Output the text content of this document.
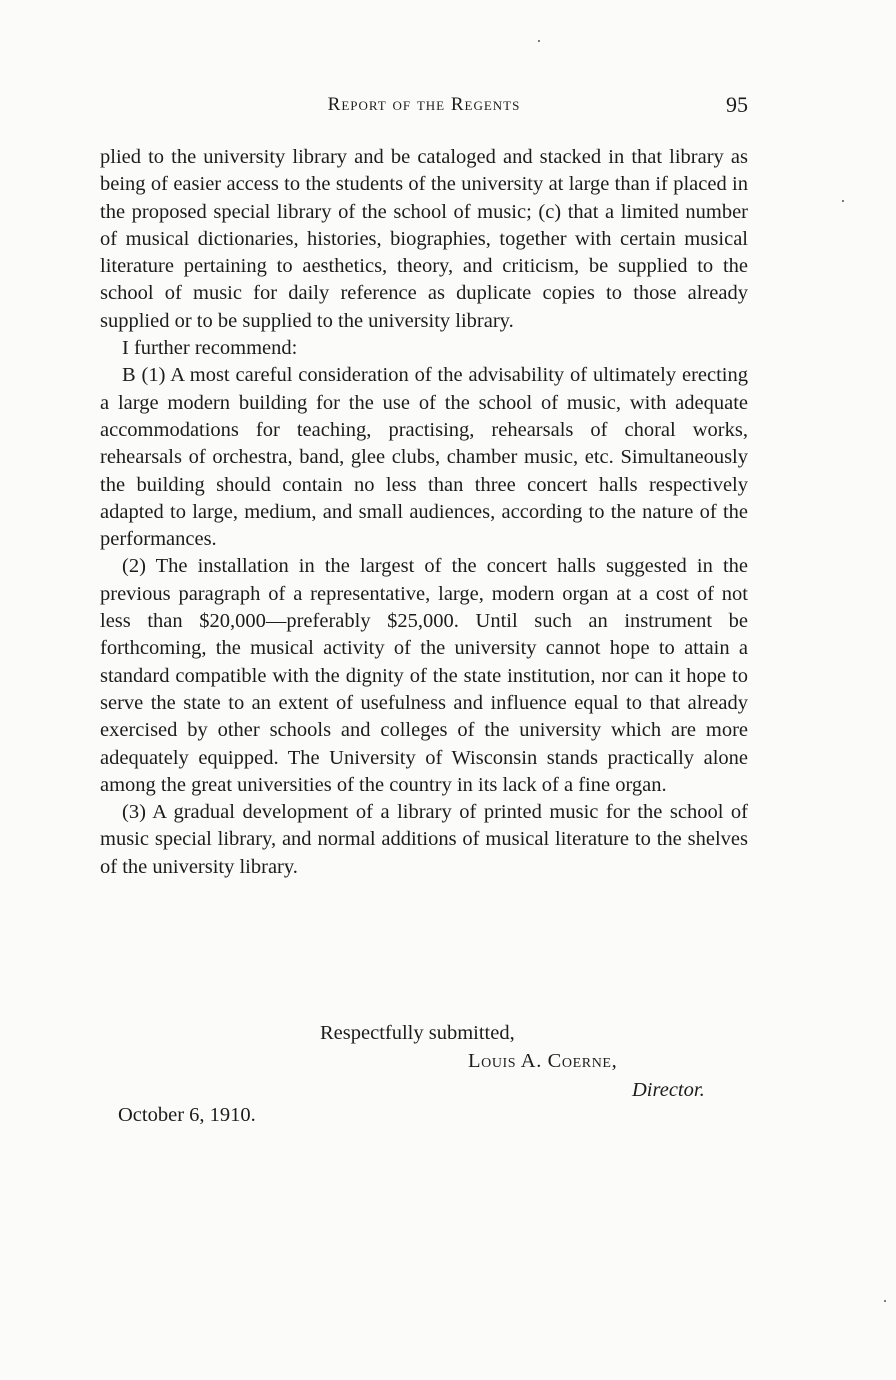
Report of the Regents	95

plied to the university library and be cataloged and stacked in that library as being of easier access to the students of the university at large than if placed in the proposed special library of the school of music; (c) that a limited number of musical dictionaries, histories, biographies, together with certain musical literature pertaining to aesthetics, theory, and criticism, be supplied to the school of music for daily reference as duplicate copies to those already supplied or to be supplied to the university library.

I further recommend:

B (1) A most careful consideration of the advisability of ultimately erecting a large modern building for the use of the school of music, with adequate accommodations for teaching, practising, rehearsals of choral works, rehearsals of orchestra, band, glee clubs, chamber music, etc. Simultaneously the building should contain no less than three concert halls respectively adapted to large, medium, and small audiences, according to the nature of the performances.

(2) The installation in the largest of the concert halls suggested in the previous paragraph of a representative, large, modern organ at a cost of not less than $20,000—preferably $25,000. Until such an instrument be forthcoming, the musical activity of the university cannot hope to attain a standard compatible with the dignity of the state institution, nor can it hope to serve the state to an extent of usefulness and influence equal to that already exercised by other schools and colleges of the university which are more adequately equipped. The University of Wisconsin stands practically alone among the great universities of the country in its lack of a fine organ.

(3) A gradual development of a library of printed music for the school of music special library, and normal additions of musical literature to the shelves of the university library.

Respectfully submitted,
Louis A. Coerne,
Director.
October 6, 1910.
